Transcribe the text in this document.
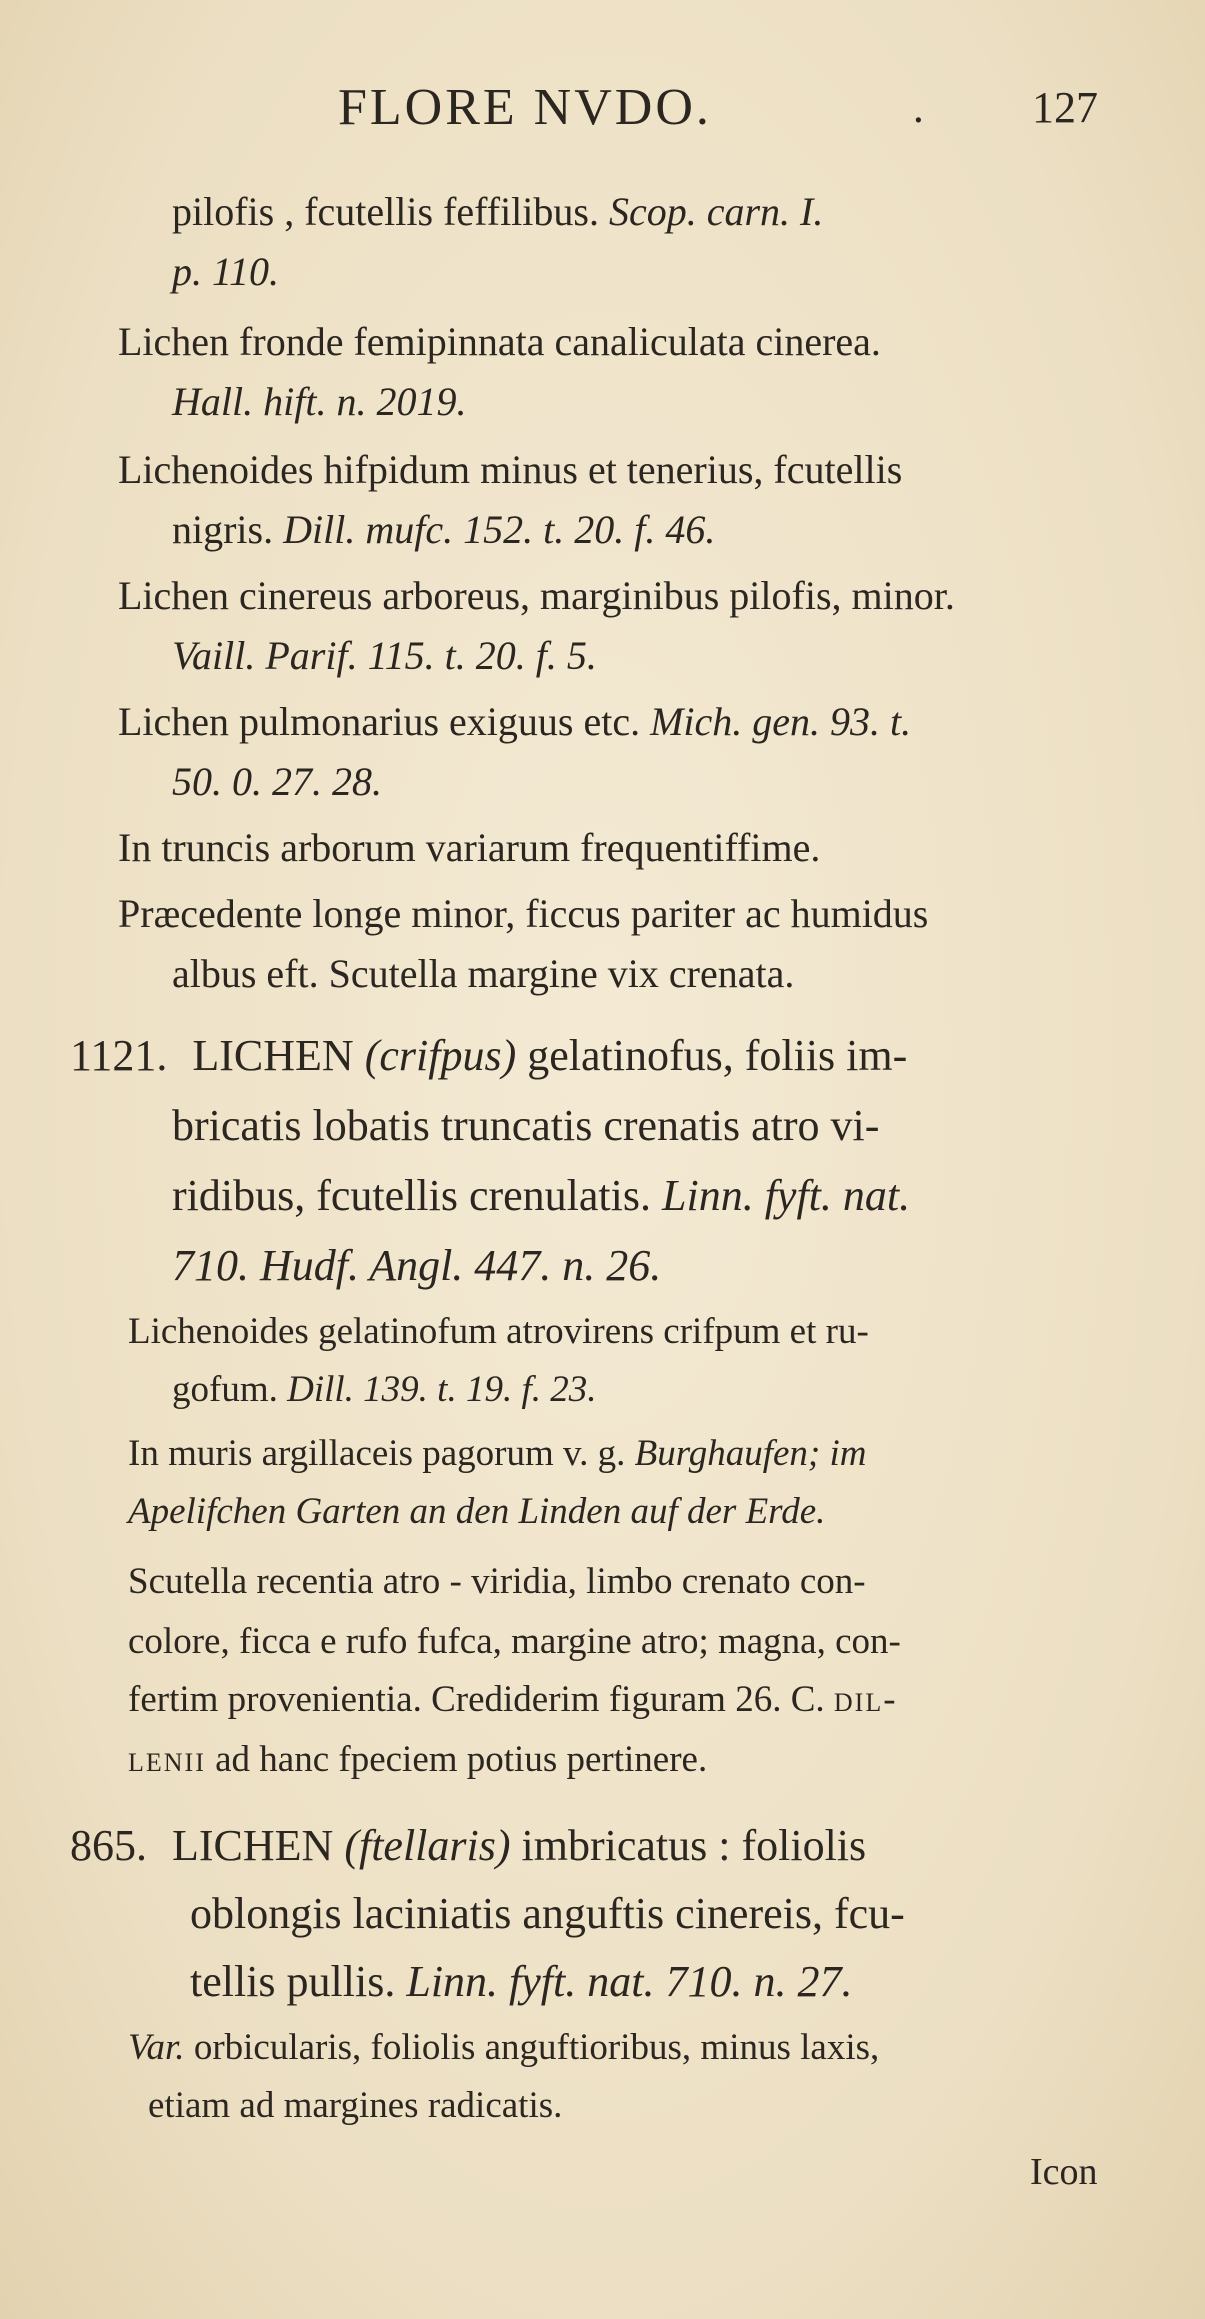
FLORE NVDO.	. 127
pilofis , fcutellis feffilibus. Scop. carn. I.
p. 110.
Lichen fronde femipinnata canaliculata cinerea.
Hall. hift. n. 2019.
Lichenoides hifpidum minus et tenerius, fcutellis
nigris. Dill. mufc. 152. t. 20. f. 46.
Lichen cinereus arboreus, marginibus pilofis, minor.
Vaill. Parif. 115. t. 20. f. 5.
Lichen pulmonarius exiguus etc. Mich. gen. 93. t.
50. 0. 27. 28.
In truncis arborum variarum frequentiffime.
Præcedente longe minor, ficcus pariter ac humidus
albus eft. Scutella margine vix crenata.
1121. LICHEN (crifpus) gelatinofus, foliis im-
bricatis lobatis truncatis crenatis atro vi-
ridibus, fcutellis crenulatis. Linn. fyft. nat.
710. Hudf. Angl. 447. n. 26.
Lichenoides gelatinofum atrovirens crifpum et ru-
gofum. Dill. 139. t. 19. f. 23.
In muris argillaceis pagorum v. g. Burghaufen; im
Apelifchen Garten an den Linden auf der Erde.
Scutella recentia atro - viridia, limbo crenato con-
colore, ficca e rufo fufca, margine atro; magna, con-
fertim provenientia. Crediderim figuram 26. C. dil-
lenii ad hanc fpeciem potius pertinere.
865. LICHEN (ftellaris) imbricatus : foliolis
oblongis laciniatis anguftis cinereis, fcu-
tellis pullis. Linn. fyft. nat. 710. n. 27.
Var. orbicularis, foliolis anguftioribus, minus laxis,
etiam ad margines radicatis.
Icon
